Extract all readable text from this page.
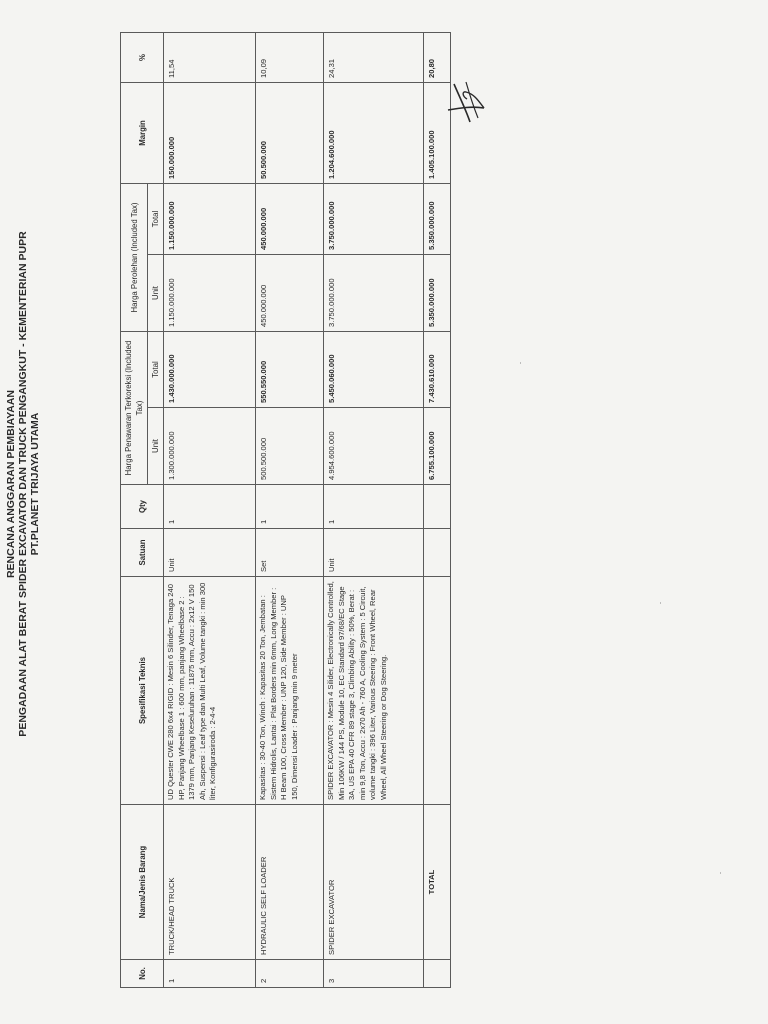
RENCANA ANGGARAN PEMBIAYAAN PENGADAAN ALAT BERAT SPIDER EXCAVATOR DAN TRUCK PENGANGKUT - KEMENTERIAN PUPR PT.PLANET TRIJAYA UTAMA
No.	Nama/Jenis Barang	Spesifikasi Teknis	Satuan	Qty	Harga Penawaran Terkoreksi (Included Tax)		Harga Perolehan (Included Tax)		Margin	%
					Unit	Total	Unit	Total		
1	TRUCK/HEAD TRUCK	UD Quester CWE 280 6x4 RIGID : Mesin 6 Silinder, Tenaga 240 HP, Panjang Wheelbase 1 : 600 mm, panjang Wheelbase 2 : 1379 mm, Panjang Keseluruhan : 11875 mm, Accu : 2x12 V 150 Ah, Suspensi : Leaf type dan Multi Leaf, Volume tangki : min 300 liter, Konfigurasiroda : 2-4-4	Unit	1	1.300.000.000	1.430.000.000	1.150.000.000	1.150.000.000	150.000.000	11,54
2	HYDRAULIC SELF LOADER	Kapasitas : 30-40 Ton, Winch : Kapasitas 20 Ton, Jembatan : Sistem Hidrolis, Lantai : Plat Borders min 6mm, Long Member : H Beam 100, Cross Member : UNP 120, Side Member : UNP 150, Dimensi Loader : Panjang min 9 meter	Set	1	500.500.000	550.550.000	450.000.000	450.000.000	50.500.000	10,09
3	SPIDER EXCAVATOR	SPIDER EXCAVATOR : Mesin 4 Silider, Electronically Controlled, Min 106KW / 144 PS, Module 10, EC Standard 97/68/EC Stage 3A, US EPA 40 CFR 89 stage 3, Climbing Ability : 50%, Berat : min 9,8 Ton, Accu : 2x70 Ah - 760 A, Cooling System : 5 Circuit, volume tangki : 396 Liter, Various Steering : Front Wheel, Rear Wheel, All Wheel Steering or Dog Steering.	Unit	1	4.954.600.000	5.450.060.000	3.750.000.000	3.750.000.000	1.204.600.000	24,31
	TOTAL				6.755.100.000	7.430.610.000	5.350.000.000	5.350.000.000	1.405.100.000	20,80
